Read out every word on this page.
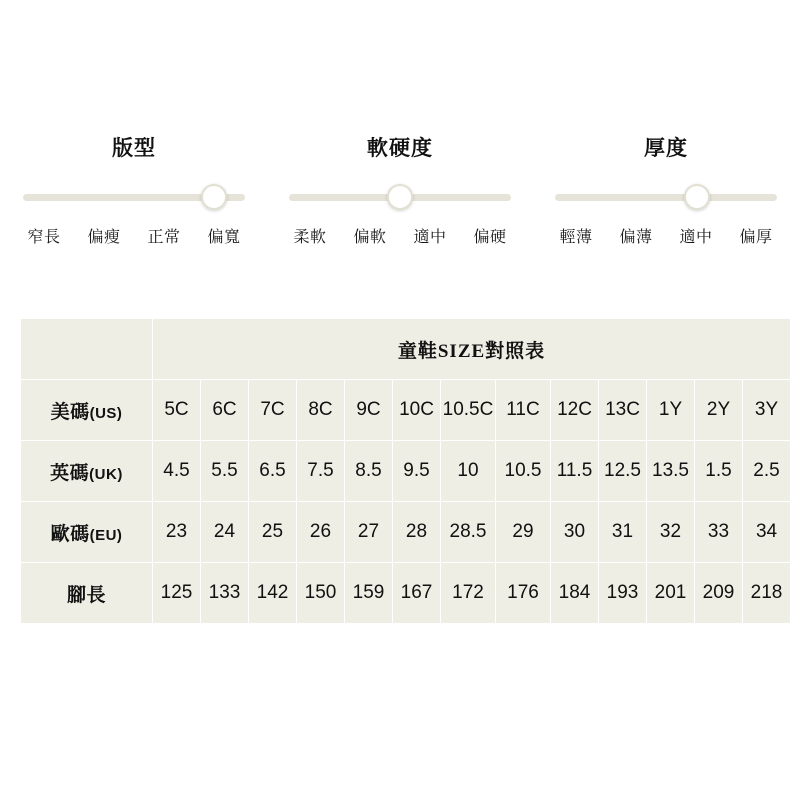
版型
窄長	偏瘦	正常	偏寬
軟硬度
柔軟	偏軟	適中	偏硬
厚度
輕薄	偏薄	適中	偏厚
	童鞋SIZE對照表												
美碼(US)	5C	6C	7C	8C	9C	10C	10.5C	11C	12C	13C	1Y	2Y	3Y
英碼(UK)	4.5	5.5	6.5	7.5	8.5	9.5	10	10.5	11.5	12.5	13.5	1.5	2.5
歐碼(EU)	23	24	25	26	27	28	28.5	29	30	31	32	33	34
腳長	125	133	142	150	159	167	172	176	184	193	201	209	218
